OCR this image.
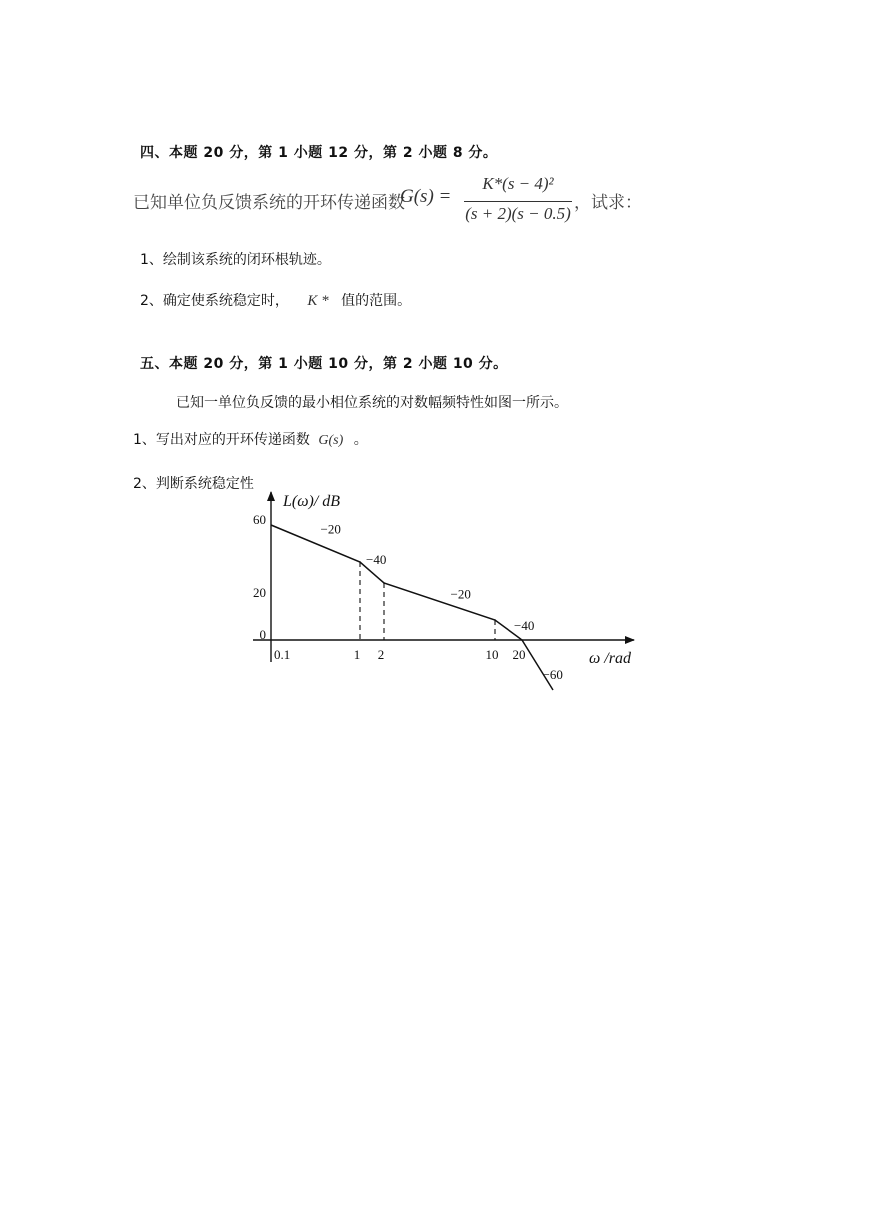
四、本题 20 分，第 1 小题 12 分，第 2 小题 8 分。
已知单位负反馈系统的开环传递函数
G(s) =
K*(s − 4)²
(s + 2)(s − 0.5)
，试求：
1、绘制该系统的闭环根轨迹。
2、确定使系统稳定时， K * 值的范围。
五、本题 20 分，第 1 小题 10 分，第 2 小题 10 分。
已知一单位负反馈的最小相位系统的对数幅频特性如图一所示。
1、写出对应的开环传递函数 G(s) 。
2、判断系统稳定性
L(ω)/ dB
ω /rad
60
20
0
0.1	1 2	10 20
−20
−40
−20
−40
−60
